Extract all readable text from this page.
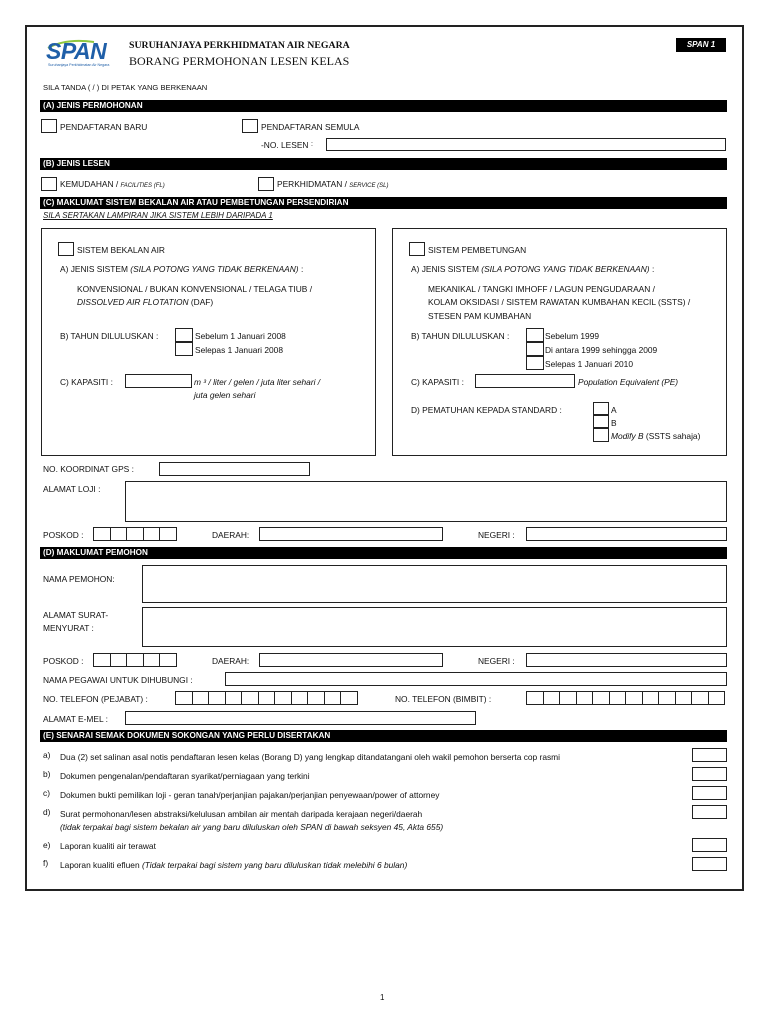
SPAN
Suruhanjaya Perkhidmatan Air Negara
SURUHANJAYA PERKHIDMATAN AIR NEGARA
BORANG PERMOHONAN LESEN KELAS
SPAN 1
SILA TANDA ( / ) DI PETAK YANG BERKENAAN
(A) JENIS PERMOHONAN
PENDAFTARAN BARU	PENDAFTARAN SEMULA
-NO. LESEN :
(B) JENIS LESEN
KEMUDAHAN / FACILITIES (FL)	PERKHIDMATAN / SERVICE (SL)
(C) MAKLUMAT SISTEM BEKALAN AIR ATAU PEMBETUNGAN PERSENDIRIAN
SILA SERTAKAN LAMPIRAN JIKA SISTEM LEBIH DARIPADA 1
SISTEM BEKALAN AIR
A) JENIS SISTEM (SILA POTONG YANG TIDAK BERKENAAN) :
KONVENSIONAL / BUKAN KONVENSIONAL / TELAGA TIUB /
DISSOLVED AIR FLOTATION (DAF)
B) TAHUN DILULUSKAN :	Sebelum 1 Januari 2008
Selepas 1 Januari 2008
C) KAPASITI :	m ³ / liter / gelen / juta liter sehari /
juta gelen sehari
SISTEM PEMBETUNGAN
A) JENIS SISTEM (SILA POTONG YANG TIDAK BERKENAAN) :
MEKANIKAL / TANGKI IMHOFF / LAGUN PENGUDARAAN /
KOLAM OKSIDASI / SISTEM RAWATAN KUMBAHAN KECIL (SSTS) /
STESEN PAM KUMBAHAN
B) TAHUN DILULUSKAN :	Sebelum 1999
Di antara 1999 sehingga 2009
Selepas 1 Januari 2010
C) KAPASITI :	Population Equivalent (PE)
D) PEMATUHAN KEPADA STANDARD :	A
B
Modify B (SSTS sahaja)
NO. KOORDINAT GPS :
ALAMAT LOJI :
POSKOD :	DAERAH:	NEGERI :
(D) MAKLUMAT PEMOHON
NAMA PEMOHON:
ALAMAT SURAT-
MENYURAT :
POSKOD :	DAERAH:	NEGERI :
NAMA PEGAWAI UNTUK DIHUBUNGI :
NO. TELEFON (PEJABAT) :	NO. TELEFON (BIMBIT) :
ALAMAT E-MEL :
(E) SENARAI SEMAK DOKUMEN SOKONGAN YANG PERLU DISERTAKAN
a) Dua (2) set salinan asal notis pendaftaran lesen kelas (Borang D) yang lengkap ditandatangani oleh wakil pemohon berserta cop rasmi
b) Dokumen pengenalan/pendaftaran syarikat/perniagaan yang terkini
c) Dokumen bukti pemilikan loji - geran tanah/perjanjian pajakan/perjanjian penyewaan/power of attorney
d) Surat permohonan/lesen abstraksi/kelulusan ambilan air mentah daripada kerajaan negeri/daerah
(tidak terpakai bagi sistem bekalan air yang baru diluluskan oleh SPAN di bawah seksyen 45, Akta 655)
e) Laporan kualiti air terawat
f) Laporan kualiti efluen (Tidak terpakai bagi sistem yang baru diluluskan tidak melebihi 6 bulan)
1
